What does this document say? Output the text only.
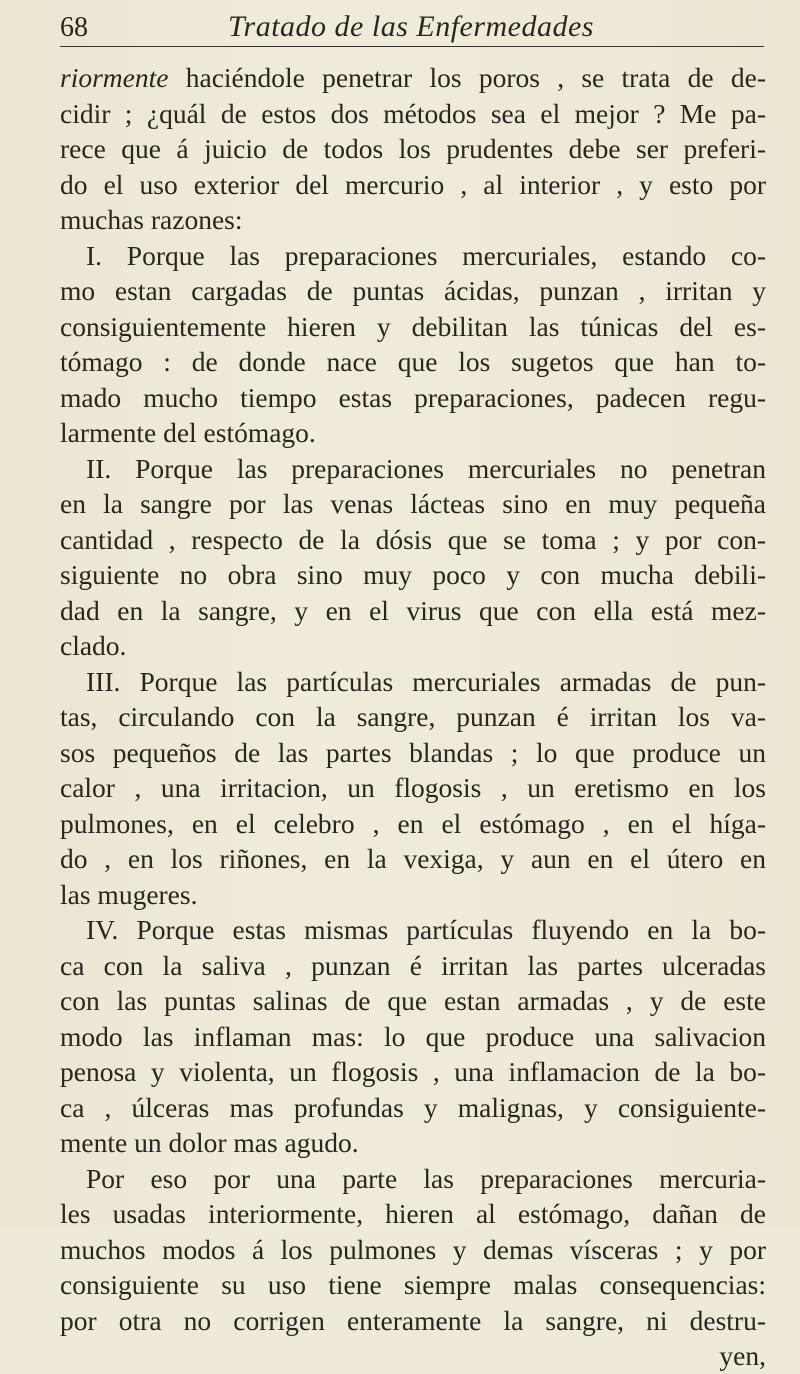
68	Tratado de las Enfermedades
riormente haciéndole penetrar los poros , se trata de de-
cidir ; ¿quál de estos dos métodos sea el mejor ? Me pa-
rece que á juicio de todos los prudentes debe ser preferi-
do el uso exterior del mercurio , al interior , y esto por
muchas razones:
I. Porque las preparaciones mercuriales, estando co-
mo estan cargadas de puntas ácidas, punzan , irritan y
consiguientemente hieren y debilitan las túnicas del es-
tómago : de donde nace que los sugetos que han to-
mado mucho tiempo estas preparaciones, padecen regu-
larmente del estómago.
II. Porque las preparaciones mercuriales no penetran
en la sangre por las venas lácteas sino en muy pequeña
cantidad , respecto de la dósis que se toma ; y por con-
siguiente no obra sino muy poco y con mucha debili-
dad en la sangre, y en el virus que con ella está mez-
clado.
III. Porque las partículas mercuriales armadas de pun-
tas, circulando con la sangre, punzan é irritan los va-
sos pequeños de las partes blandas ; lo que produce un
calor , una irritacion, un flogosis , un eretismo en los
pulmones, en el celebro , en el estómago , en el híga-
do , en los riñones, en la vexiga, y aun en el útero en
las mugeres.
IV. Porque estas mismas partículas fluyendo en la bo-
ca con la saliva , punzan é irritan las partes ulceradas
con las puntas salinas de que estan armadas , y de este
modo las inflaman mas: lo que produce una salivacion
penosa y violenta, un flogosis , una inflamacion de la bo-
ca , úlceras mas profundas y malignas, y consiguiente-
mente un dolor mas agudo.
Por eso por una parte las preparaciones mercuria-
les usadas interiormente, hieren al estómago, dañan de
muchos modos á los pulmones y demas vísceras ; y por
consiguiente su uso tiene siempre malas consequencias:
por otra no corrigen enteramente la sangre, ni destru-
yen,
